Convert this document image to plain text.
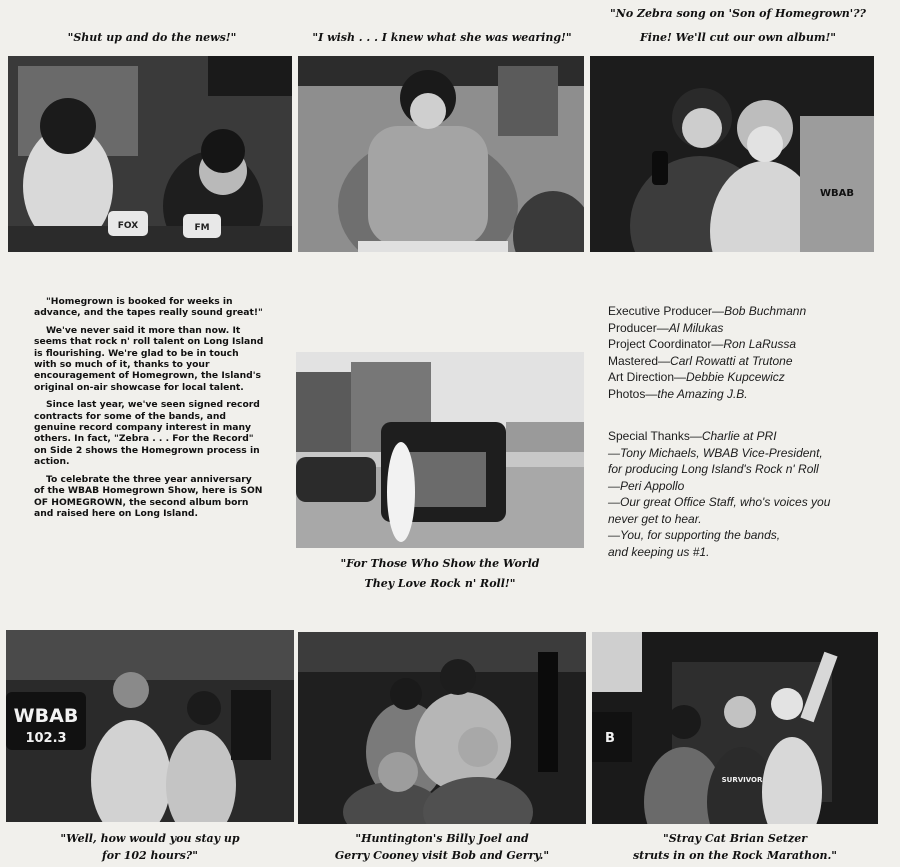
"Shut up and do the news!"	"I wish . . . I knew what she was wearing!"

"No Zebra song on 'Son of Homegrown'??

Fine! We'll cut our own album!"

FOX	FM
WBAB

"Homegrown is booked for weeks in advance, and the tapes really sound great!"

We've never said it more than now. It seems that rock n' roll talent on Long Island is flourishing. We're glad to be in touch with so much of it, thanks to your encouragement of Homegrown, the Island's original on-air showcase for local talent.

Since last year, we've seen signed record contracts for some of the bands, and genuine record company interest in many others. In fact, "Zebra . . . For the Record" on Side 2 shows the Homegrown process in action.

To celebrate the three year anniversary of the WBAB Homegrown Show, here is SON OF HOMEGROWN, the second album born and raised here on Long Island.

"For Those Who Show the World

They Love Rock n' Roll!"

Executive Producer—Bob Buchmann
Producer—Al Milukas
Project Coordinator—Ron LaRussa
Mastered—Carl Rowatti at Trutone
Art Direction—Debbie Kupcewicz
Photos—the Amazing J.B.
Special Thanks—Charlie at PRI
—Tony Michaels, WBAB Vice-President,
for producing Long Island's Rock n' Roll
—Peri Appollo
—Our great Office Staff, who's voices you
never get to hear.
—You, for supporting the bands,
and keeping us #1.
WBAB
102.3	B
SURVIVOR

"Well, how would you stay up

for 102 hours?"

"Huntington's Billy Joel and

Gerry Cooney visit Bob and Gerry."

"Stray Cat Brian Setzer

struts in on the Rock Marathon."
